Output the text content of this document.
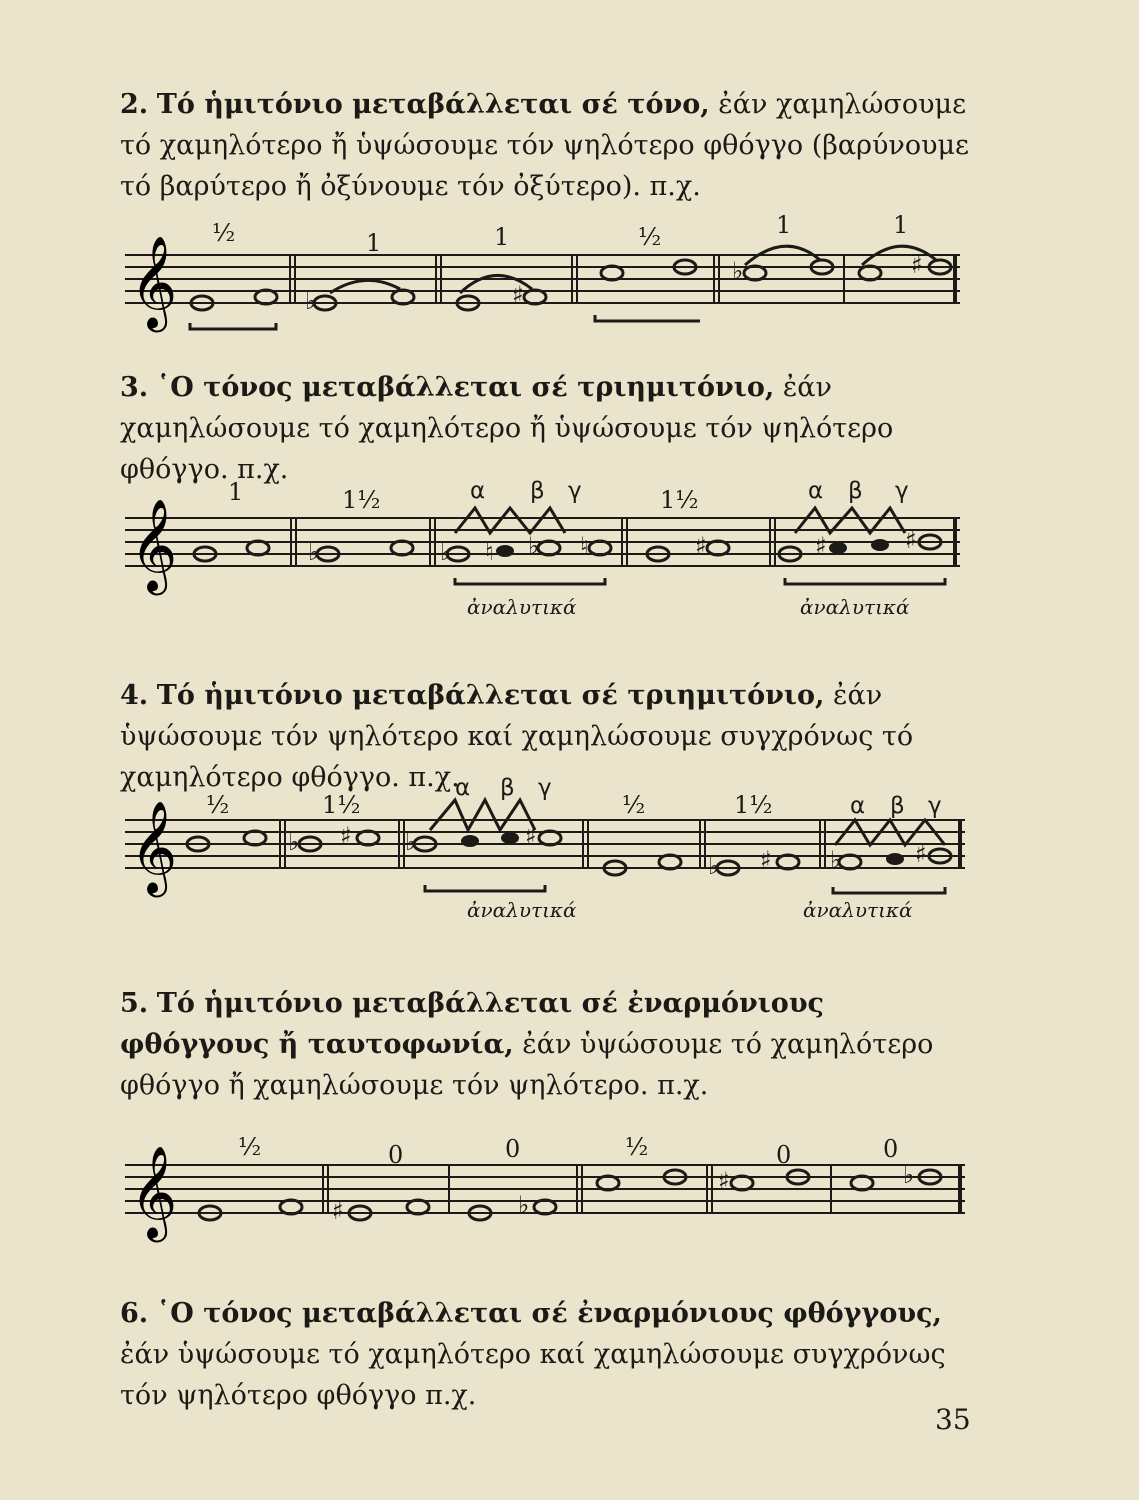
2. Τό ἡμιτόνιο μεταβάλλεται σέ τόνο, ἐάν χαμηλώσουμε τό χαμηλότερο ἤ ὑψώσουμε τόν ψηλότερο φθόγγο (βαρύνουμε τό βαρύτερο ἤ ὀξύνουμε τόν ὀξύτερο). π.χ.

𝄞	♭	♯
♭	♯
½	1	1	½	1	1

3. ῾Ο τόνος μεταβάλλεται σέ τριημιτόνιο, ἐάν χαμηλώσουμε τό χαμηλότερο ἤ ὑψώσουμε τόν ψηλότερο φθόγγο. π.χ.

𝄞	♭	♭ ♮ ♭ ♮	♯	♯	♯
1	1½	1½
α β γ	α β γ
ἀναλυτικά	ἀναλυτικά

4. Τό ἡμιτόνιο μεταβάλλεται σέ τριημιτόνιο, ἐάν ὑψώσουμε τόν ψηλότερο καί χαμηλώσουμε συγχρόνως τό χαμηλότερο φθόγγο. π.χ.

𝄞	♭ ♯ ♭	♯
♭ ♯ ♭	♯
½	1½	½	1½
α β γ
α β γ
ἀναλυτικά	ἀναλυτικά

5. Τό ἡμιτόνιο μεταβάλλεται σέ ἐναρμόνιους φθόγγους ἤ ταυτοφωνία, ἐάν ὑψώσουμε τό χαμηλότερο φθόγγο ἤ χαμηλώσουμε τόν ψηλότερο. π.χ.

𝄞	♯	♭
♯	♭
½	0	0	½	0	0

6. ῾Ο τόνος μεταβάλλεται σέ ἐναρμόνιους φθόγγους, ἐάν ὑψώσουμε τό χαμηλότερο καί χαμηλώσουμε συγχρόνως τόν ψηλότερο φθόγγο π.χ.

35
